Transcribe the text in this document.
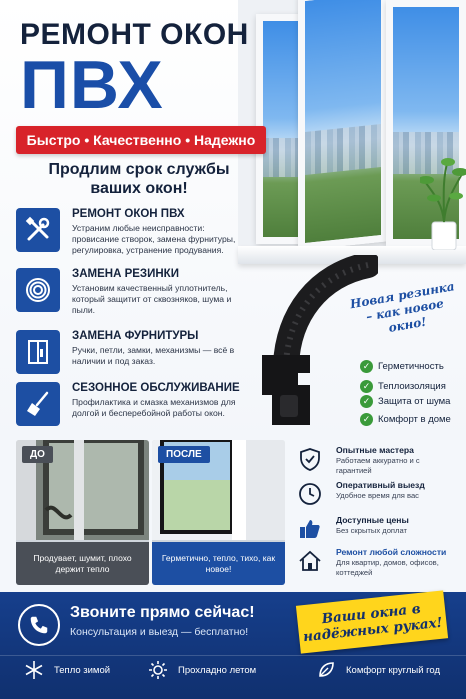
РЕМОНТ ОКОН
ПВХ
Быстро • Качественно • Надежно
Продлим срок службы ваших окон!
РЕМОНТ ОКОН ПВХ
Устраним любые неисправности: провисание створок, замена фурнитуры, регулировка, устранение продувания.
ЗАМЕНА РЕЗИНКИ
Установим качественный уплотнитель, который защитит от сквозняков, шума и пыли.
ЗАМЕНА ФУРНИТУРЫ
Ручки, петли, замки, механизмы — всё в наличии и под заказ.
СЕЗОННОЕ ОБСЛУЖИВАНИЕ
Профилактика и смазка механизмов для долгой и бесперебойной работы окон.
Новая резинка – как новое окно!
✓ Герметичность
✓ Теплоизоляция
✓ Защита от шума
✓ Комфорт в доме
ДО
Продувает, шумит, плохо держит тепло
ПОСЛЕ
Герметично, тепло, тихо, как новое!
Опытные мастера
Работаем аккуратно и с гарантией
Оперативный выезд
Удобное время для вас
Доступные цены
Без скрытых доплат
Ремонт любой сложности
Для квартир, домов, офисов, коттеджей
Звоните прямо сейчас!
Консультация и выезд — бесплатно!
Ваши окна в надёжных руках!
Тепло зимой	Прохладно летом	Комфорт круглый год
